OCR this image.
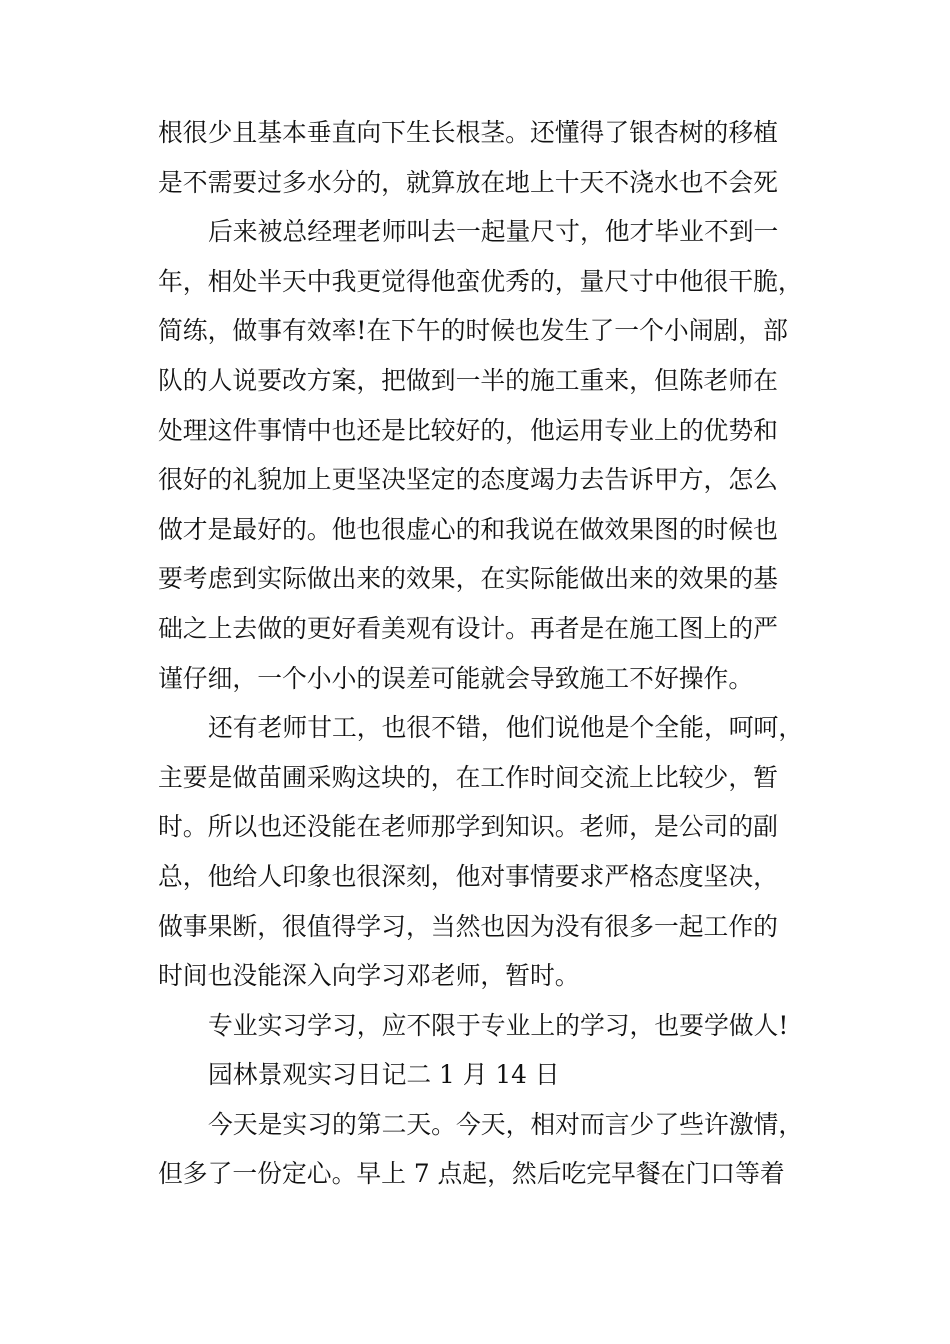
根很少且基本垂直向下生长根茎。还懂得了银杏树的移植
是不需要过多水分的，就算放在地上十天不浇水也不会死
后来被总经理老师叫去一起量尺寸，他才毕业不到一
年，相处半天中我更觉得他蛮优秀的，量尺寸中他很干脆，
简练，做事有效率!在下午的时候也发生了一个小闹剧，部
队的人说要改方案，把做到一半的施工重来，但陈老师在
处理这件事情中也还是比较好的，他运用专业上的优势和
很好的礼貌加上更坚决坚定的态度竭力去告诉甲方，怎么
做才是最好的。他也很虚心的和我说在做效果图的时候也
要考虑到实际做出来的效果，在实际能做出来的效果的基
础之上去做的更好看美观有设计。再者是在施工图上的严
谨仔细，一个小小的误差可能就会导致施工不好操作。
还有老师甘工，也很不错，他们说他是个全能，呵呵，
主要是做苗圃采购这块的，在工作时间交流上比较少，暂
时。所以也还没能在老师那学到知识。老师，是公司的副
总，他给人印象也很深刻，他对事情要求严格态度坚决，
做事果断，很值得学习，当然也因为没有很多一起工作的
时间也没能深入向学习邓老师，暂时。
专业实习学习，应不限于专业上的学习，也要学做人!
园林景观实习日记二 1 月 14 日
今天是实习的第二天。今天，相对而言少了些许激情，
但多了一份定心。早上 7 点起，然后吃完早餐在门口等着
